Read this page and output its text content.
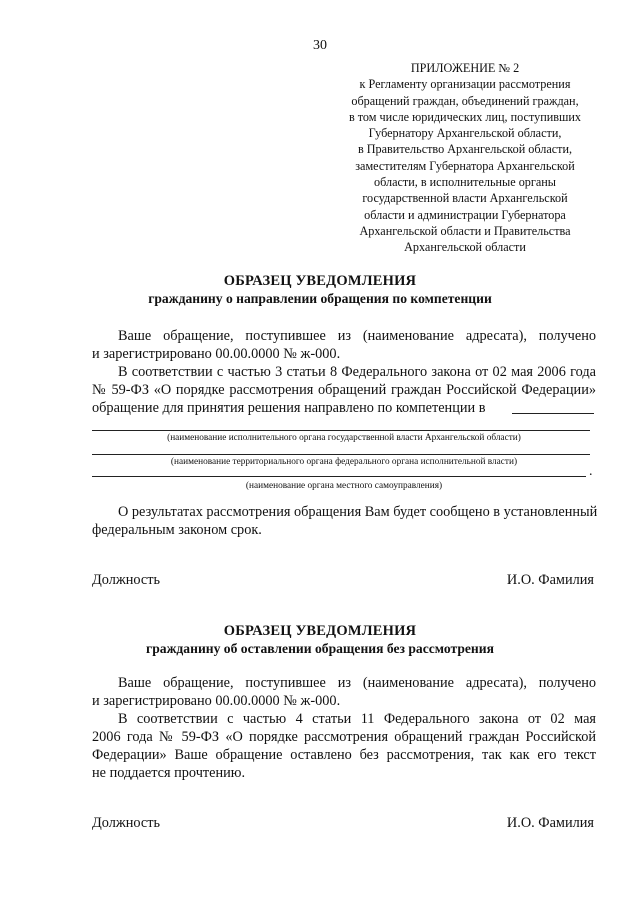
30
ПРИЛОЖЕНИЕ № 2
к Регламенту организации рассмотрения
обращений граждан, объединений граждан,
в том числе юридических лиц, поступивших
Губернатору Архангельской области,
в Правительство Архангельской области,
заместителям Губернатора Архангельской
области, в исполнительные органы
государственной власти Архангельской
области и администрации Губернатора
Архангельской области и Правительства
Архангельской области
ОБРАЗЕЦ УВЕДОМЛЕНИЯ
гражданину о направлении обращения по компетенции
Ваше обращение, поступившее из (наименование адресата), получено
и зарегистрировано 00.00.0000 № ж-000.
В соответствии с частью 3 статьи 8 Федерального закона от 02 мая 2006 года
№ 59-ФЗ «О порядке рассмотрения обращений граждан Российской Федерации»
обращение для принятия решения направлено по компетенции в
(наименование исполнительного органа государственной власти Архангельской области)
(наименование территориального органа федерального органа исполнительной власти)
.
(наименование органа местного самоуправления)
О результатах рассмотрения обращения Вам будет сообщено в установленный
федеральным законом срок.
Должность	И.О. Фамилия
ОБРАЗЕЦ УВЕДОМЛЕНИЯ
гражданину об оставлении обращения без рассмотрения
Ваше обращение, поступившее из (наименование адресата), получено
и зарегистрировано 00.00.0000 № ж-000.
В соответствии с частью 4 статьи 11 Федерального закона от 02 мая
2006 года № 59-ФЗ «О порядке рассмотрения обращений граждан Российской
Федерации» Ваше обращение оставлено без рассмотрения, так как его текст
не поддается прочтению.
Должность	И.О. Фамилия
